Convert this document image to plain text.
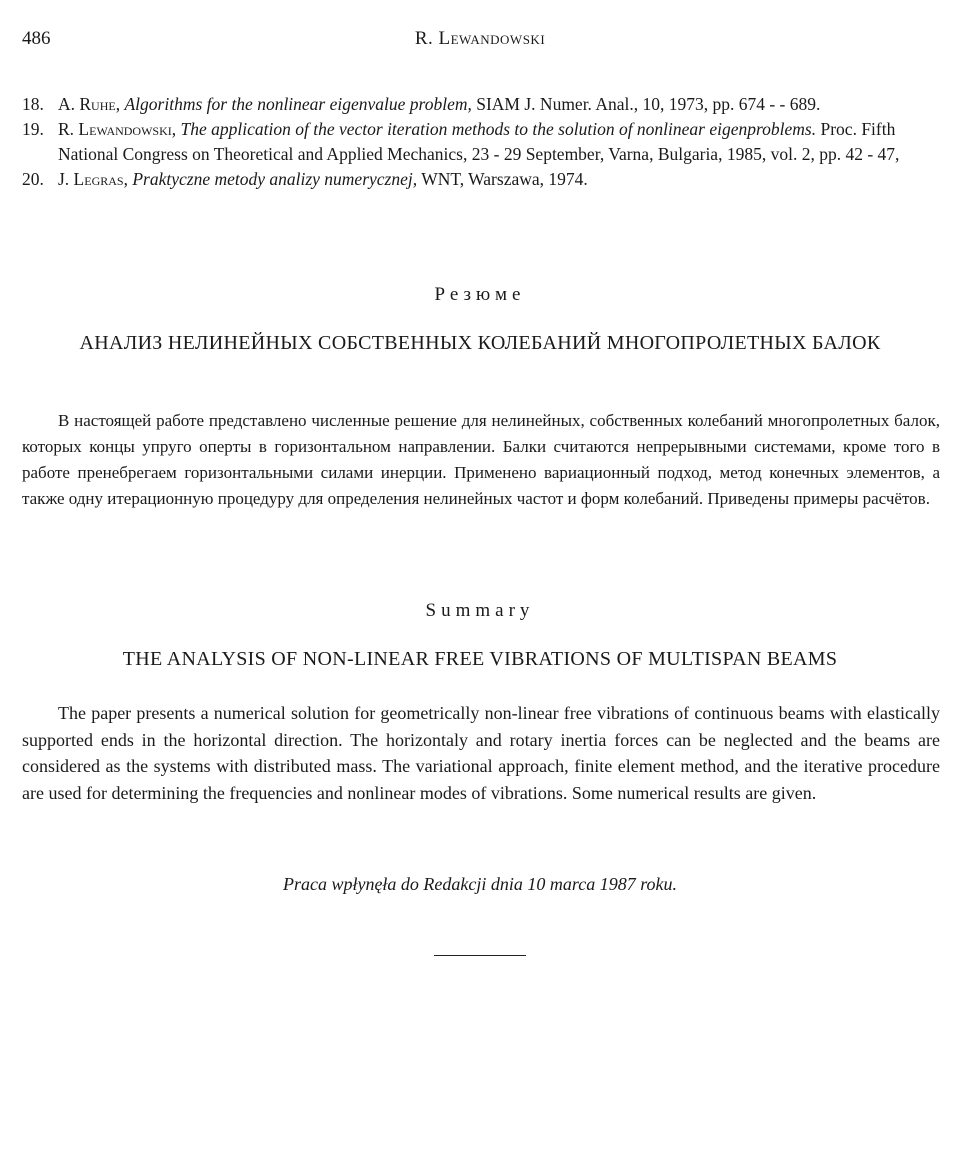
486	R. Lewandowski

18. A. Ruhe, Algorithms for the nonlinear eigenvalue problem, SIAM J. Numer. Anal., 10, 1973, pp. 674 - - 689.

19. R. Lewandowski, The application of the vector iteration methods to the solution of nonlinear eigenproblems. Proc. Fifth National Congress on Theoretical and Applied Mechanics, 23 - 29 September, Varna, Bulgaria, 1985, vol. 2, pp. 42 - 47,

20. J. Legras, Praktyczne metody analizy numerycznej, WNT, Warszawa, 1974.

Резюме
АНАЛИЗ НЕЛИНЕЙНЫХ СОБСТВЕННЫХ КОЛЕБАНИЙ МНОГОПРОЛЕТНЫХ БАЛОК

В настоящей работе представлено численные решение для нелинейных, собственных колебаний многопролетных балок, которых концы упруго оперты в горизонтальном направлении. Балки считаются непрерывными системами, кроме того в работе пренебрегаем горизонтальными силами инерции. Применено вариационный подход, метод конечных элементов, а также одну итерационную процедуру для определения нелинейных частот и форм колебаний. Приведены примеры расчётов.

Summary
THE ANALYSIS OF NON-LINEAR FREE VIBRATIONS OF MULTISPAN BEAMS

The paper presents a numerical solution for geometrically non-linear free vibrations of continuous beams with elastically supported ends in the horizontal direction. The horizontaly and rotary inertia forces can be neglected and the beams are considered as the systems with distributed mass. The variational approach, finite element method, and the iterative procedure are used for determining the frequencies and nonlinear modes of vibrations. Some numerical results are given.

Praca wpłynęła do Redakcji dnia 10 marca 1987 roku.
